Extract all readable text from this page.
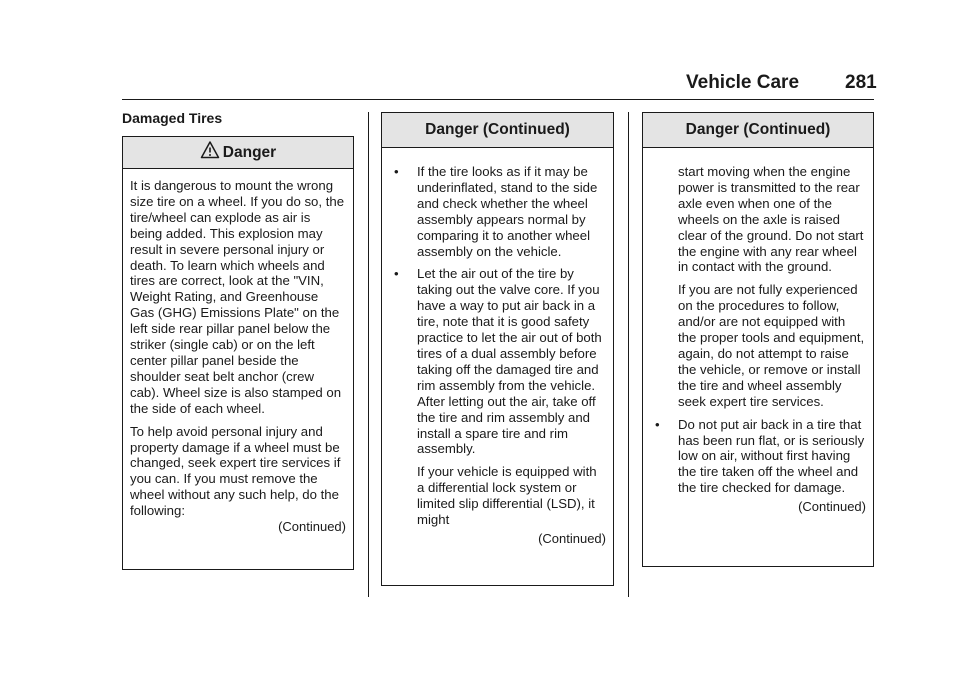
Vehicle Care 281
Damaged Tires
Danger

It is dangerous to mount the wrong size tire on a wheel. If you do so, the tire/wheel can explode as air is being added. This explosion may result in severe personal injury or death. To learn which wheels and tires are correct, look at the "VIN, Weight Rating, and Greenhouse Gas (GHG) Emissions Plate" on the left side rear pillar panel below the striker (single cab) or on the left center pillar panel beside the shoulder seat belt anchor (crew cab). Wheel size is also stamped on the side of each wheel.

To help avoid personal injury and property damage if a wheel must be changed, seek expert tire services if you can. If you must remove the wheel without any such help, do the following:

(Continued)
Danger (Continued)
• If the tire looks as if it may be underinflated, stand to the side and check whether the wheel assembly appears normal by comparing it to another wheel assembly on the vehicle.
• Let the air out of the tire by taking out the valve core. If you have a way to put air back in a tire, note that it is good safety practice to let the air out of both tires of a dual assembly before taking off the damaged tire and rim assembly from the vehicle. After letting out the air, take off the tire and rim assembly and install a spare tire and rim assembly.
If your vehicle is equipped with a differential lock system or limited slip differential (LSD), it might
(Continued)
Danger (Continued)
start moving when the engine power is transmitted to the rear axle even when one of the wheels on the axle is raised clear of the ground. Do not start the engine with any rear wheel in contact with the ground.
If you are not fully experienced on the procedures to follow, and/or are not equipped with the proper tools and equipment, again, do not attempt to raise the vehicle, or remove or install the tire and wheel assembly seek expert tire services.
• Do not put air back in a tire that has been run flat, or is seriously low on air, without first having the tire taken off the wheel and the tire checked for damage.
(Continued)
